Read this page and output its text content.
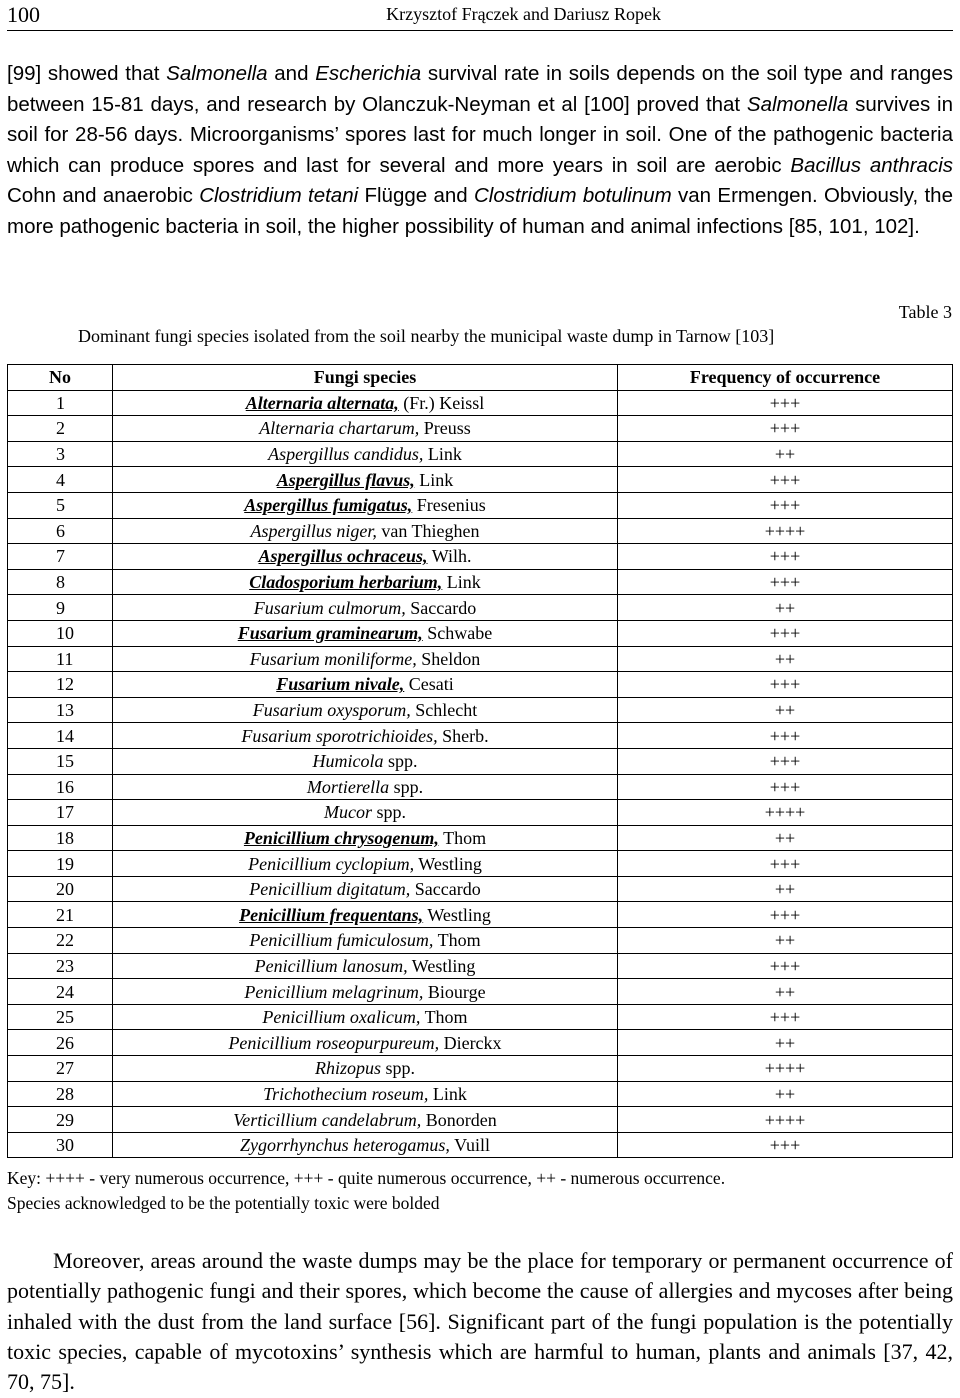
100	Krzysztof Frączek and Dariusz Ropek
[99] showed that Salmonella and Escherichia survival rate in soils depends on the soil type and ranges between 15-81 days, and research by Olanczuk-Neyman et al [100] proved that Salmonella survives in soil for 28-56 days. Microorganisms’ spores last for much longer in soil. One of the pathogenic bacteria which can produce spores and last for several and more years in soil are aerobic Bacillus anthracis Cohn and anaerobic Clostridium tetani Flügge and Clostridium botulinum van Ermengen. Obviously, the more pathogenic bacteria in soil, the higher possibility of human and animal infections [85, 101, 102].
Table 3
Dominant fungi species isolated from the soil nearby the municipal waste dump in Tarnow [103]
No	Fungi species	Frequency of occurrence
1	Alternaria alternata, (Fr.) Keissl	+++
2	Alternaria chartarum, Preuss	+++
3	Aspergillus candidus, Link	++
4	Aspergillus flavus, Link	+++
5	Aspergillus fumigatus, Fresenius	+++
6	Aspergillus niger, van Thieghen	++++
7	Aspergillus ochraceus, Wilh.	+++
8	Cladosporium herbarium, Link	+++
9	Fusarium culmorum, Saccardo	++
10	Fusarium graminearum, Schwabe	+++
11	Fusarium moniliforme, Sheldon	++
12	Fusarium nivale, Cesati	+++
13	Fusarium oxysporum, Schlecht	++
14	Fusarium sporotrichioides, Sherb.	+++
15	Humicola spp.	+++
16	Mortierella spp.	+++
17	Mucor spp.	++++
18	Penicillium chrysogenum, Thom	++
19	Penicillium cyclopium, Westling	+++
20	Penicillium digitatum, Saccardo	++
21	Penicillium frequentans, Westling	+++
22	Penicillium fumiculosum, Thom	++
23	Penicillium lanosum, Westling	+++
24	Penicillium melagrinum, Biourge	++
25	Penicillium oxalicum, Thom	+++
26	Penicillium roseopurpureum, Dierckx	++
27	Rhizopus spp.	++++
28	Trichothecium roseum, Link	++
29	Verticillium candelabrum, Bonorden	++++
30	Zygorrhynchus heterogamus, Vuill	+++
Key: ++++ - very numerous occurrence, +++ - quite numerous occurrence, ++ - numerous occurrence.
Species acknowledged to be the potentially toxic were bolded
Moreover, areas around the waste dumps may be the place for temporary or permanent occurrence of potentially pathogenic fungi and their spores, which become the cause of allergies and mycoses after being inhaled with the dust from the land surface [56]. Significant part of the fungi population is the potentially toxic species, capable of mycotoxins’ synthesis which are harmful to human, plants and animals [37, 42, 70, 75].
